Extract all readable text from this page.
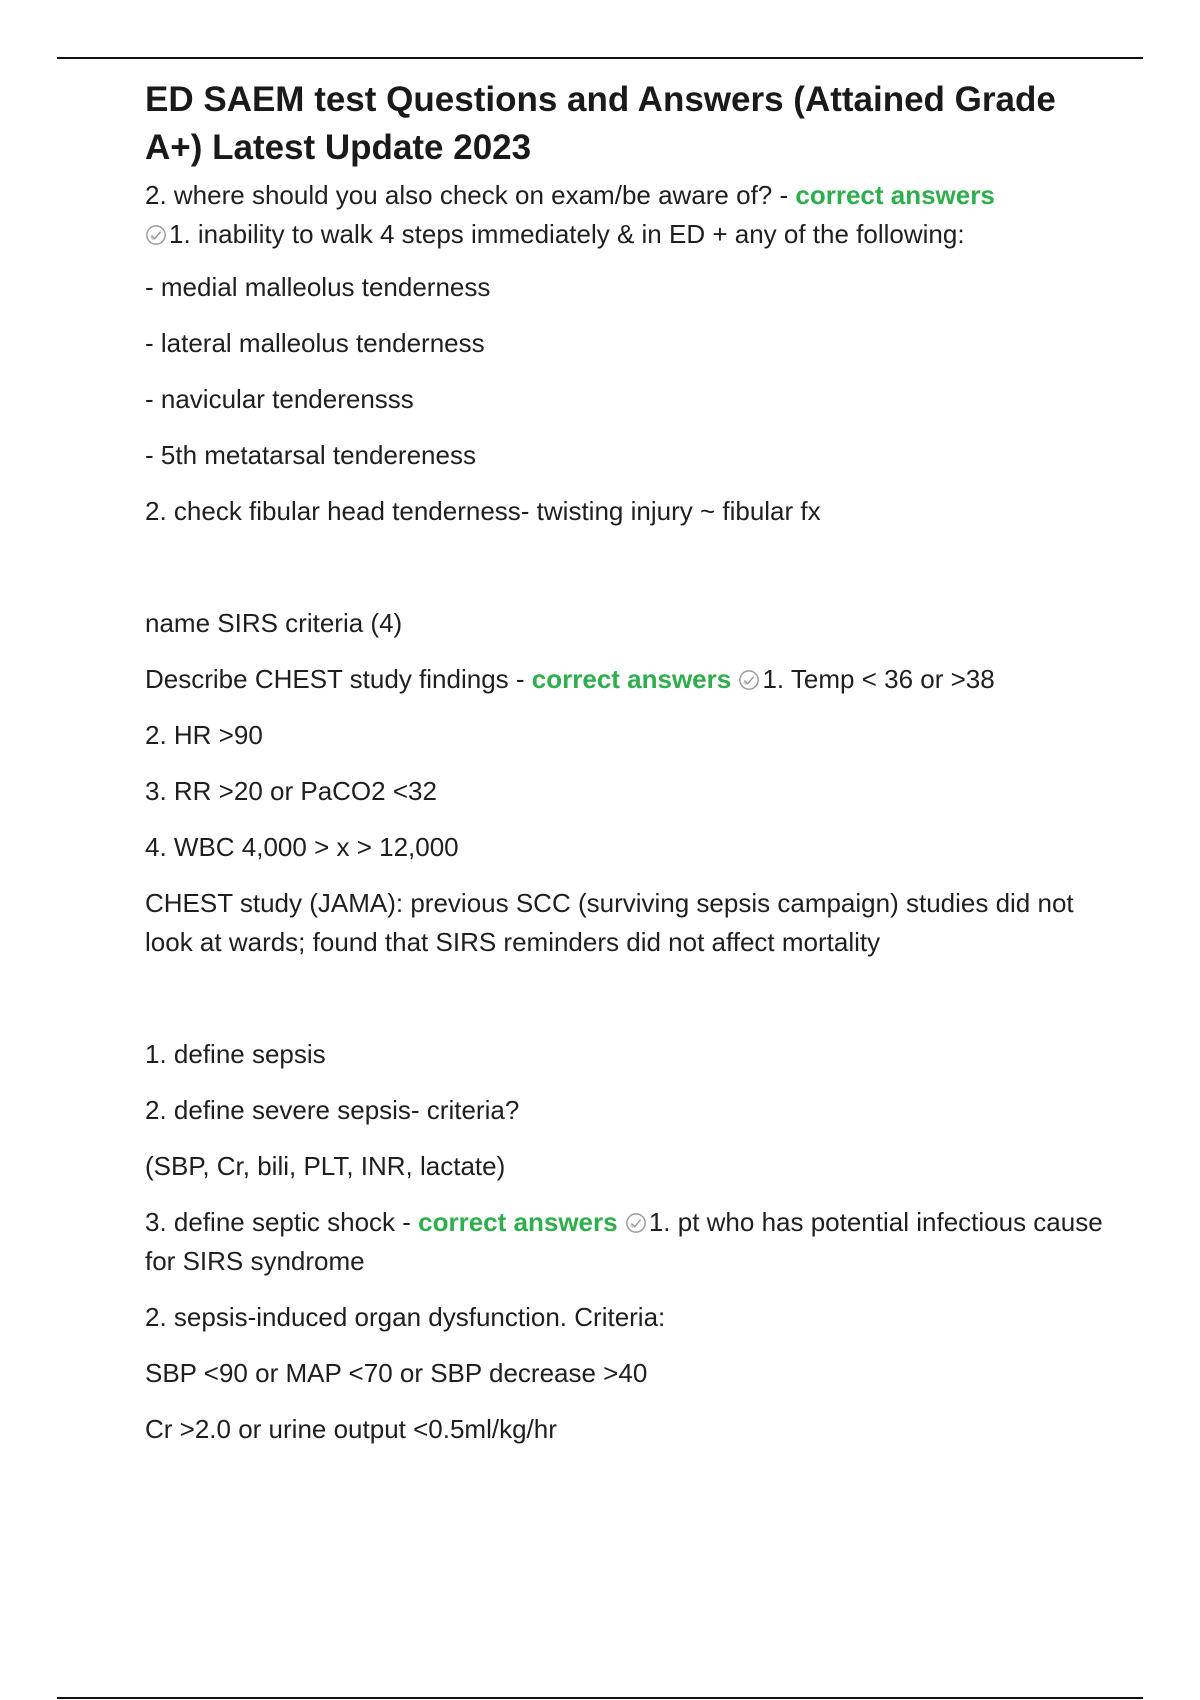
ED SAEM test Questions and Answers (Attained Grade A+) Latest Update 2023
2. where should you also check on exam/be aware of? - correct answers
1. inability to walk 4 steps immediately & in ED + any of the following:
- medial malleolus tenderness
- lateral malleolus tenderness
- navicular tenderensss
- 5th metatarsal tendereness
2. check fibular head tenderness- twisting injury ~ fibular fx
name SIRS criteria (4)
Describe CHEST study findings - correct answers 1. Temp < 36 or >38
2. HR >90
3. RR >20 or PaCO2 <32
4. WBC 4,000 > x > 12,000
CHEST study (JAMA): previous SCC (surviving sepsis campaign) studies did not look at wards; found that SIRS reminders did not affect mortality
1. define sepsis
2. define severe sepsis- criteria?
(SBP, Cr, bili, PLT, INR, lactate)
3. define septic shock - correct answers 1. pt who has potential infectious cause for SIRS syndrome
2. sepsis-induced organ dysfunction. Criteria:
SBP <90 or MAP <70 or SBP decrease >40
Cr >2.0 or urine output <0.5ml/kg/hr
